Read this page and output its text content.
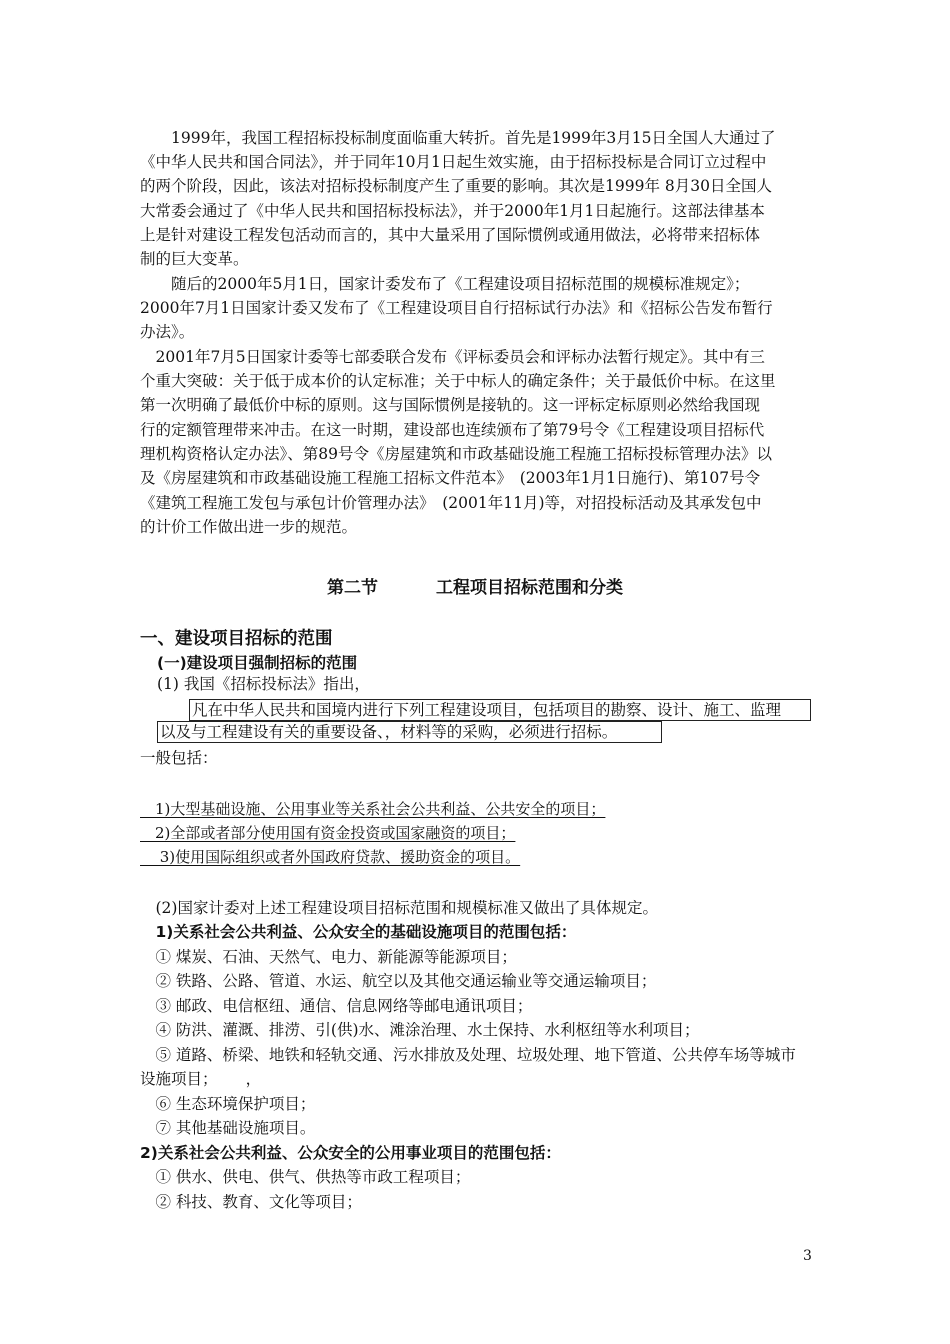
　　1999年，我国工程招标投标制度面临重大转折。首先是1999年3月15日全国人大通过了
《中华人民共和国合同法》，并于同年10月1日起生效实施，由于招标投标是合同订立过程中
的两个阶段，因此，该法对招标投标制度产生了重要的影响。其次是1999年 8月30日全国人
大常委会通过了《中华人民共和国招标投标法》，并于2000年1月1日起施行。这部法律基本
上是针对建设工程发包活动而言的，其中大量采用了国际惯例或通用做法，必将带来招标体
制的巨大变革。
　　随后的2000年5月1日，国家计委发布了《工程建设项目招标范围的规模标准规定》；
2000年7月1日国家计委又发布了《工程建设项目自行招标试行办法》和《招标公告发布暂行
办法》。
　2001年7月5日国家计委等七部委联合发布《评标委员会和评标办法暂行规定》。其中有三
个重大突破：关于低于成本价的认定标准；关于中标人的确定条件；关于最低价中标。在这里
第一次明确了最低价中标的原则。这与国际惯例是接轨的。这一评标定标原则必然给我国现
行的定额管理带来冲击。在这一时期，建设部也连续颁布了第79号令《工程建设项目招标代
理机构资格认定办法》、第89号令《房屋建筑和市政基础设施工程施工招标投标管理办法》以
及《房屋建筑和市政基础设施工程施工招标文件范本》　(2003年1月1日施行)、第107号令
《建筑工程施工发包与承包计价管理办法》　(2001年11月)等，对招投标活动及其承发包中
的计价工作做出进一步的规范。
第二节	工程项目招标范围和分类
一、建设项目招标的范围
(一)建设项目强制招标的范围
(1) 我国《招标投标法》指出，
凡在中华人民共和国境内进行下列工程建设项目，包括项目的勘察、设计、施工、监理
以及与工程建设有关的重要设备、，材料等的采购，必须进行招标。
一般包括：
　1)大型基础设施、公用事业等关系社会公共利益、公共安全的项目；
　2)全部或者部分使用国有资金投资或国家融资的项目；
　 3)使用国际组织或者外国政府贷款、援助资金的项目。
　(2)国家计委对上述工程建设项目招标范围和规模标准又做出了具体规定。
　1)关系社会公共利益、公众安全的基础设施项目的范围包括：
　① 煤炭、石油、天然气、电力、新能源等能源项目；
　② 铁路、公路、管道、水运、航空以及其他交通运输业等交通运输项目；
　③ 邮政、电信枢纽、通信、信息网络等邮电通讯项目；
　④ 防洪、灌溉、排涝、引(供)水、滩涂治理、水土保持、水利枢纽等水利项目；
　⑤ 道路、桥梁、地铁和轻轨交通、污水排放及处理、垃圾处理、地下管道、公共停车场等城市
设施项目；　　 ，
　⑥ 生态环境保护项目；
　⑦ 其他基础设施项目。
2)关系社会公共利益、公众安全的公用事业项目的范围包括：
　① 供水、供电、供气、供热等市政工程项目；
　② 科技、教育、文化等项目；
3
